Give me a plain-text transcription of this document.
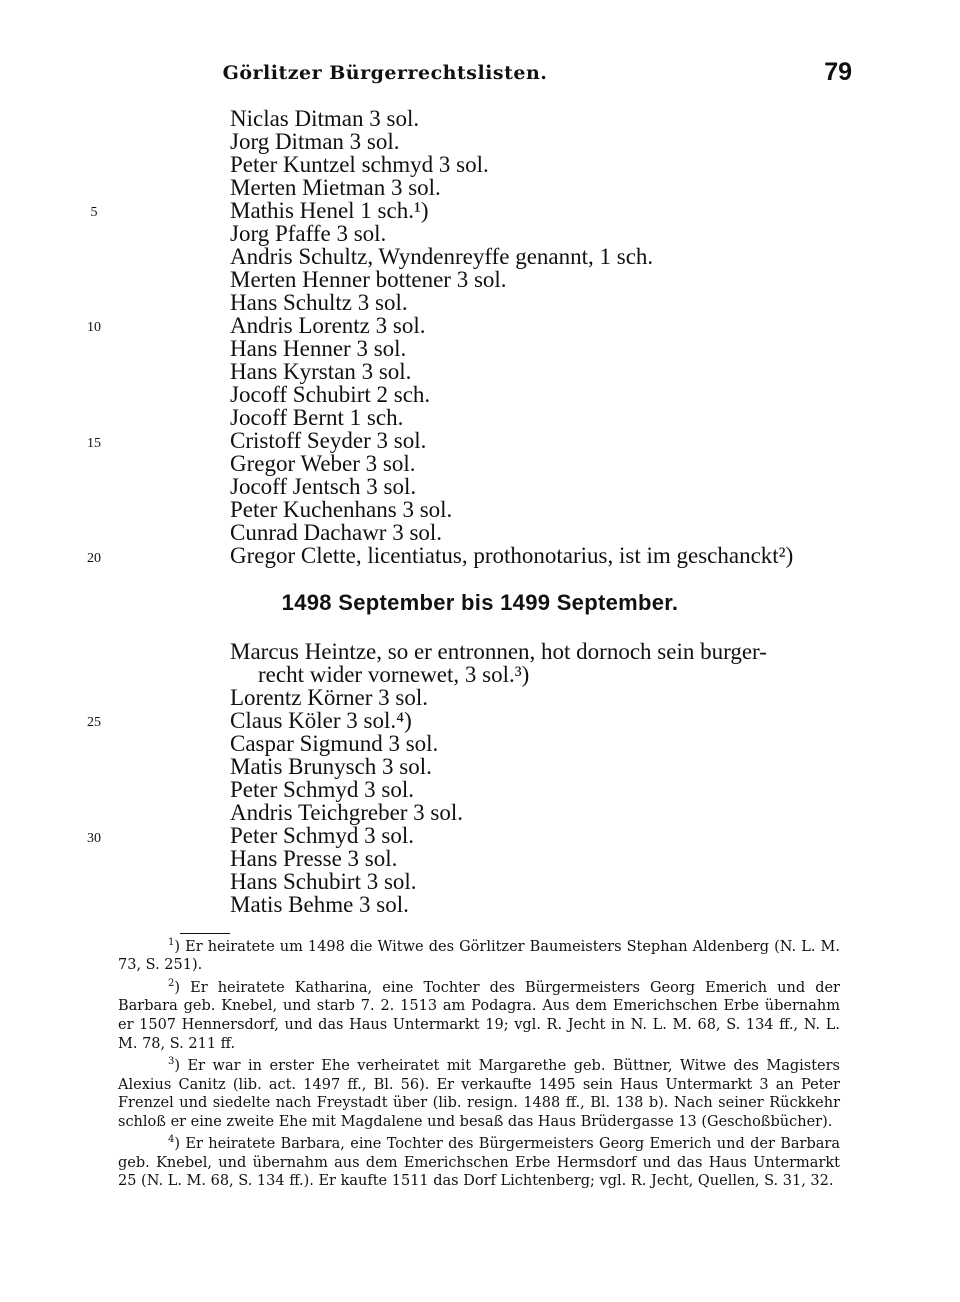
Görlitzer Bürgerrechtslisten.	79
Niclas Ditman 3 sol.
Jorg Ditman 3 sol.
Peter Kuntzel schmyd 3 sol.
Merten Mietman 3 sol.
Mathis Henel 1 sch.¹)
Jorg Pfaffe 3 sol.
Andris Schultz, Wyndenreyffe genannt, 1 sch.
Merten Henner bottener 3 sol.
Hans Schultz 3 sol.
Andris Lorentz 3 sol.
Hans Henner 3 sol.
Hans Kyrstan 3 sol.
Jocoff Schubirt 2 sch.
Jocoff Bernt 1 sch.
Cristoff Seyder 3 sol.
Gregor Weber 3 sol.
Jocoff Jentsch 3 sol.
Peter Kuchenhans 3 sol.
Cunrad Dachawr 3 sol.
Gregor Clette, licentiatus, prothonotarius, ist im geschanckt²)
1498 September bis 1499 September.
Marcus Heintze, so er entronnen, hot dornoch sein burger-
recht wider vornewet, 3 sol.³)
Lorentz Körner 3 sol.
Claus Köler 3 sol.⁴)
Caspar Sigmund 3 sol.
Matis Brunysch 3 sol.
Peter Schmyd 3 sol.
Andris Teichgreber 3 sol.
Peter Schmyd 3 sol.
Hans Presse 3 sol.
Hans Schubirt 3 sol.
Matis Behme 3 sol.
5
10
15
20
25
30

$^1$) Er heiratete um 1498 die Witwe des Görlitzer Baumeisters Stephan Aldenberg (N. L. M. 73, S. 251).

$^2$) Er heiratete Katharina, eine Tochter des Bürgermeisters Georg Emerich und der Barbara geb. Knebel, und starb 7. 2. 1513 am Podagra. Aus dem Emerichschen Erbe übernahm er 1507 Hennersdorf, und das Haus Untermarkt 19; vgl. R. Jecht in N. L. M. 68, S. 134 ff., N. L. M. 78, S. 211 ff.

$^3$) Er war in erster Ehe verheiratet mit Margarethe geb. Büttner, Witwe des Magisters Alexius Canitz (lib. act. 1497 ff., Bl. 56). Er verkaufte 1495 sein Haus Untermarkt 3 an Peter Frenzel und siedelte nach Freystadt über (lib. resign. 1488 ff., Bl. 138 b). Nach seiner Rückkehr schloß er eine zweite Ehe mit Magdalene und besaß das Haus Brüdergasse 13 (Geschoßbücher).

$^4$) Er heiratete Barbara, eine Tochter des Bürgermeisters Georg Emerich und der Barbara geb. Knebel, und übernahm aus dem Emerichschen Erbe Hermsdorf und das Haus Untermarkt 25 (N. L. M. 68, S. 134 ff.). Er kaufte 1511 das Dorf Lichtenberg; vgl. R. Jecht, Quellen, S. 31, 32.
